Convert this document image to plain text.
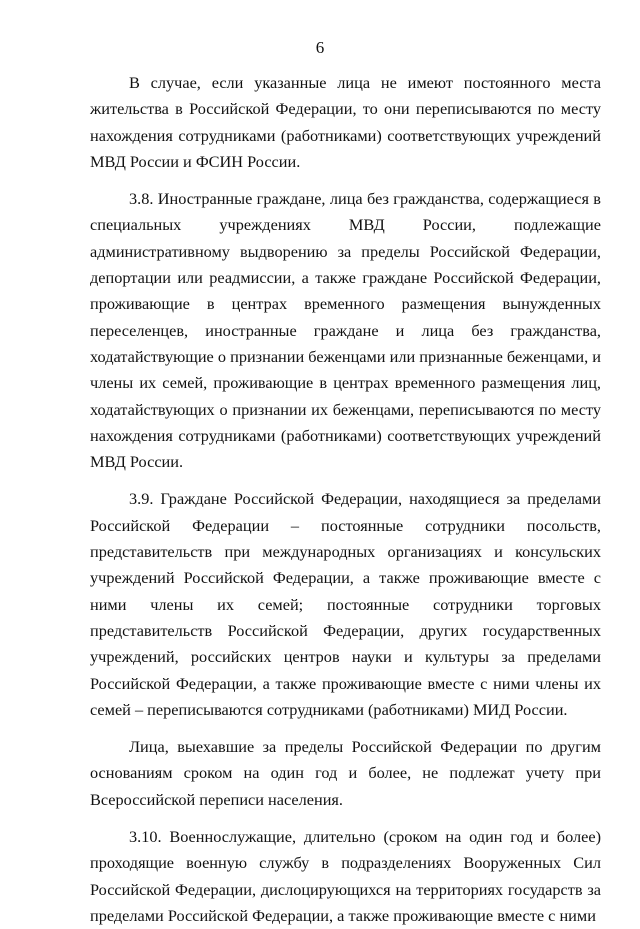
6

В случае, если указанные лица не имеют постоянного места жительства в Российской Федерации, то они переписываются по месту нахождения сотрудниками (работниками) соответствующих учреждений МВД России и ФСИН России.

3.8. Иностранные граждане, лица без гражданства, содержащиеся в специальных учреждениях МВД России, подлежащие административному выдворению за пределы Российской Федерации, депортации или реадмиссии, а также граждане Российской Федерации, проживающие в центрах временного размещения вынужденных переселенцев, иностранные граждане и лица без гражданства, ходатайствующие о признании беженцами или признанные беженцами, и члены их семей, проживающие в центрах временного размещения лиц, ходатайствующих о признании их беженцами, переписываются по месту нахождения сотрудниками (работниками) соответствующих учреждений МВД России.

3.9. Граждане Российской Федерации, находящиеся за пределами Российской Федерации – постоянные сотрудники посольств, представительств при международных организациях и консульских учреждений Российской Федерации, а также проживающие вместе с ними члены их семей; постоянные сотрудники торговых представительств Российской Федерации, других государственных учреждений, российских центров науки и культуры за пределами Российской Федерации, а также проживающие вместе с ними члены их семей – переписываются сотрудниками (работниками) МИД России.

Лица, выехавшие за пределы Российской Федерации по другим основаниям сроком на один год и более, не подлежат учету при Всероссийской переписи населения.

3.10. Военнослужащие, длительно (сроком на один год и более) проходящие военную службу в подразделениях Вооруженных Сил Российской Федерации, дислоцирующихся на территориях государств за пределами Российской Федерации, а также проживающие вместе с ними
